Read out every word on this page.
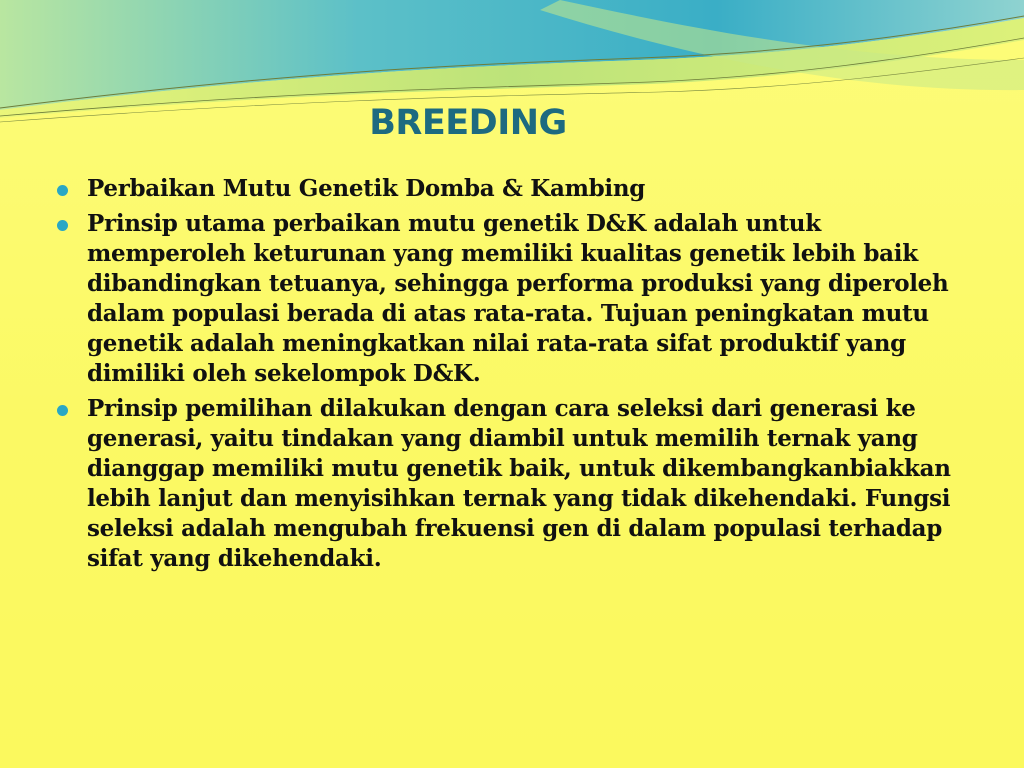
BREEDING
Perbaikan Mutu Genetik Domba & Kambing
Prinsip utama perbaikan mutu genetik D&K adalah untuk memperoleh keturunan yang memiliki kualitas genetik lebih baik dibandingkan tetuanya, sehingga performa produksi yang diperoleh dalam populasi berada di atas rata-rata. Tujuan peningkatan mutu genetik adalah meningkatkan nilai rata-rata sifat produktif yang dimiliki oleh sekelompok D&K.
Prinsip pemilihan dilakukan dengan cara seleksi dari generasi ke generasi, yaitu tindakan yang diambil untuk memilih ternak yang dianggap memiliki mutu genetik baik, untuk dikembangkanbiakkan lebih lanjut dan menyisihkan ternak yang tidak dikehendaki. Fungsi seleksi adalah mengubah frekuensi gen di dalam populasi terhadap sifat yang dikehendaki.
